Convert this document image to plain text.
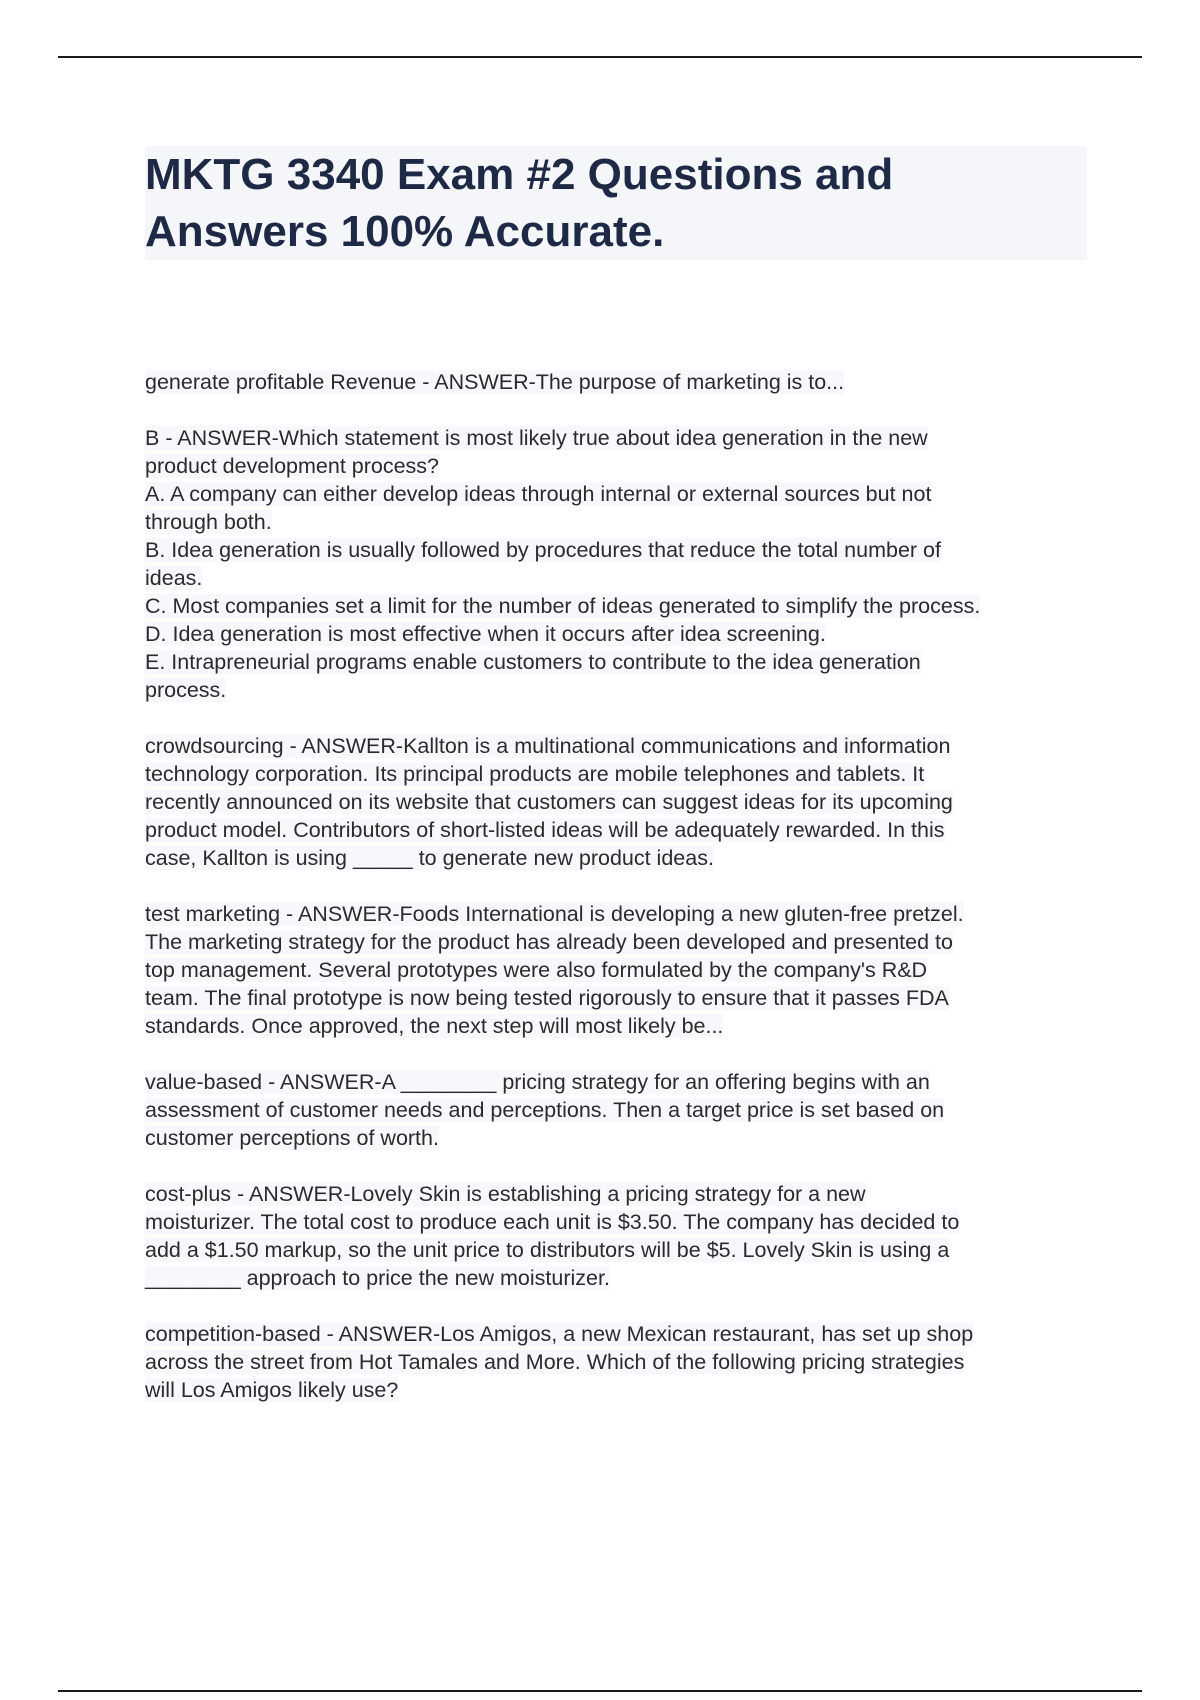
MKTG 3340 Exam #2 Questions and
Answers 100% Accurate.

generate profitable Revenue - ANSWER-The purpose of marketing is to...

B - ANSWER-Which statement is most likely true about idea generation in the new
product development process?
A. A company can either develop ideas through internal or external sources but not
through both.
B. Idea generation is usually followed by procedures that reduce the total number of
ideas.
C. Most companies set a limit for the number of ideas generated to simplify the process.
D. Idea generation is most effective when it occurs after idea screening.
E. Intrapreneurial programs enable customers to contribute to the idea generation
process.

crowdsourcing - ANSWER-Kallton is a multinational communications and information
technology corporation. Its principal products are mobile telephones and tablets. It
recently announced on its website that customers can suggest ideas for its upcoming
product model. Contributors of short-listed ideas will be adequately rewarded. In this
case, Kallton is using _____ to generate new product ideas.

test marketing - ANSWER-Foods International is developing a new gluten-free pretzel.
The marketing strategy for the product has already been developed and presented to
top management. Several prototypes were also formulated by the company's R&D
team. The final prototype is now being tested rigorously to ensure that it passes FDA
standards. Once approved, the next step will most likely be...

value-based - ANSWER-A ________ pricing strategy for an offering begins with an
assessment of customer needs and perceptions. Then a target price is set based on
customer perceptions of worth.

cost-plus - ANSWER-Lovely Skin is establishing a pricing strategy for a new
moisturizer. The total cost to produce each unit is $3.50. The company has decided to
add a $1.50 markup, so the unit price to distributors will be $5. Lovely Skin is using a
________ approach to price the new moisturizer.

competition-based - ANSWER-Los Amigos, a new Mexican restaurant, has set up shop
across the street from Hot Tamales and More. Which of the following pricing strategies
will Los Amigos likely use?
